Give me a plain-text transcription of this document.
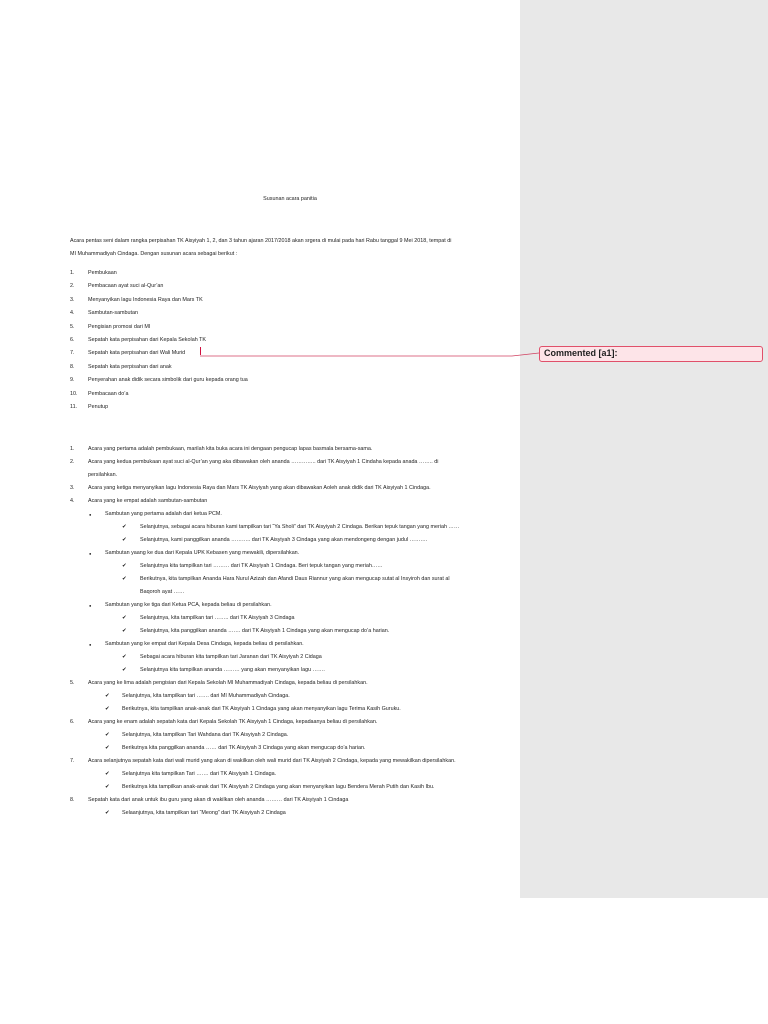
Susunan acara panitia
Acara pentas seni dalam rangka perpisahan TK Aisyiyah 1, 2, dan 3 tahun ajaran 2017/2018 akan srgera di mulai pada hari Rabu tanggal 9 Mei 2018, tempat di
MI Muhammadiyah Cindaga. Dengan susunan acara sebagai berikut :
1.	Pembukaan
2.	Pembacaan ayat suci al-Qur’an
3.	Menyanyikan lagu Indonesia Raya dan Mars TK
4.	Sambutan-sambutan
5.	Pengisian promosi dari MI
6.	Sepatah kata perpisahan dari Kepala Sekolah TK
7.	Sepatah kata perpisahan dari Wali Murid
8.	Sepatah kata perpisahan dari anak
9.	Penyerahan anak didik secara simbolik dari guru kepada orang tua
10. Pembacaan do’a
11. Penutup
1.	Acara yang pertama adalah pembukaan, marilah kita buka acara ini dengaan pengucap lapas basmala bersama-sama.
2.	Acara yang kedua pembukaan ayat suci al-Qur’an yang aka dibawakan oleh ananda ………….. dari TK Aisyiyah 1 Cindaha kepada anada …….. di
persilahkan.
3.	Acara yang ketiga menyanyikan lagu Indonesia Raya dan Mars TK Aisyiyah yang akan dibawakan Aoleh anak didik dari TK Aisyiyah 1 Cindaga.
4.	Acara yang ke empat adalah sambutan-sambutan
●	Sambutan yang pertama adalah dari ketua PCM.
✔ Selanjutnya, sebagai acara hiburan kami tampilkan tari “Ya Sholi” dari TK Aisyiyah 2 Cindaga. Berikan tepuk tangan yang meriah ……
✔ Selanjutnya, kami panggilkan ananda ……….. dari TK Aisyiyah 3 Cindaga yang akan mendongeng dengan judul ……….
●	Sambutan yaang ke dua dari Kepala UPK Kebasen yang mewakili, dipersilahkan.
✔ Selanjutnya kita tampilkan tari ……… dari TK Aisyiyah 1 Cindaga. Beri tepuk tangan yang meriah……
✔ Berikutnya, kita tampilkan Ananda Hara Nurul Azizah dan Afandi Daus Riannur yang akan mengucap sutat al Insyiroh dan surat al
Baqoroh ayat ……
●	Sambutan yang ke tiga dari Ketua PCA, kepada beliau di persilahkan.
✔ Selanjutnya, kita tampilkan tari …….. dari TK Aisyiyah 3 Cindaga
✔ Selanjutnya, kita panggilkan ananda ……. dari TK Aisyiyah 1 Cindaga yang akan mengucap do’a harian.
●	Sambutan yang ke empat dari Kepala Desa Cindaga, kepada beliau di persilahkan.
✔ Sebagai acara hiburan kita tampilkan tari Jaranan dari TK Aisyiyah 2 Cidaga
✔ Selanjutnya kita tampilkan ananda ……… yang akan menyanyikan lagu …….
5.	Acara yang ke lima adalah pengisian dari Kepala Sekolah MI Muhammadiyah Cindaga, kepada beliau di persilahkan.
✔ Selanjutnya, kita tampilkan tari ……. dari MI Muhammadiyah Cindaga.
✔ Berikutnya, kita tampilkan anak-anak dari TK Aisyiyah 1 Cindaga yang akan menyanyikan lagu Terima Kasih Guruku.
6.	Acara yang ke enam adalah sepatah kata dari Kepala Sekolah TK Aisyiyah 1 Cindaga, kepadaanya beliau di persilahkan.
✔ Selanjutnya, kita tampilkan Tari Wahdana dari TK Aisyiyah 2 Cindaga.
✔ Berikutnya kita panggilkan ananda …… dari TK Aisyiyah 3 Cindaga yang akan mengucap do’a harian.
7.	Acara selanjutnya sepatah kata dari wali murid yang akan di wakilkan oleh wali murid dari TK Aisyiyah 2 Cindaga, kepada yang mewakilkan dipersilahkan.
✔ Selanjutnya kita tampilkan Tari ……. dari TK Aisyiyah 1 Cindaga.
✔ Berikutnya kita tampilkan anak-anak dari TK Aisyiyah 2 Cindaga yang akan menyanyikan lagu Bendera Merah Putih dan Kasih Ibu.
8.	Sepatah kata dari anak untuk ibu guru yang akan di wakilkan oleh ananda ……… dari TK Aisyiyah 1 Cindaga
✔ Selaanjutnya, kita tampilkan tari “Meong” dari TK Aisyiyah 2 Cindaga
Commented [a1]:
